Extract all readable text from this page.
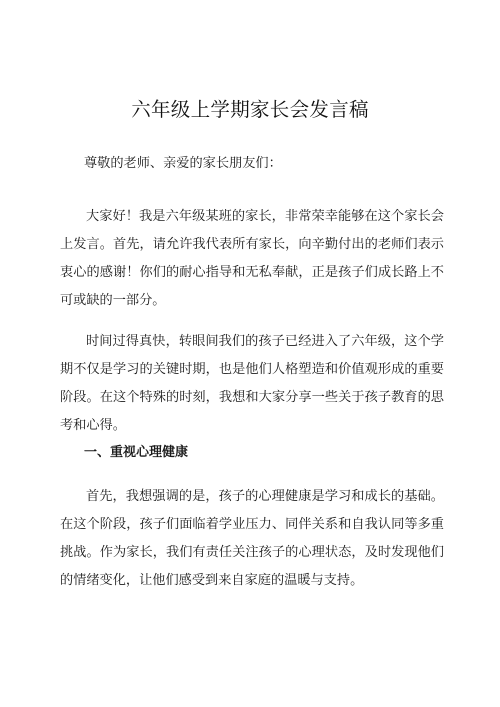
六年级上学期家长会发言稿

尊敬的老师、亲爱的家长朋友们：

大家好！我是六年级某班的家长，非常荣幸能够在这个家长会上发言。首先，请允许我代表所有家长，向辛勤付出的老师们表示衷心的感谢！你们的耐心指导和无私奉献，正是孩子们成长路上不可或缺的一部分。

时间过得真快，转眼间我们的孩子已经进入了六年级，这个学期不仅是学习的关键时期，也是他们人格塑造和价值观形成的重要阶段。在这个特殊的时刻，我想和大家分享一些关于孩子教育的思考和心得。

一、重视心理健康

首先，我想强调的是，孩子的心理健康是学习和成长的基础。在这个阶段，孩子们面临着学业压力、同伴关系和自我认同等多重挑战。作为家长，我们有责任关注孩子的心理状态，及时发现他们的情绪变化，让他们感受到来自家庭的温暖与支持。
